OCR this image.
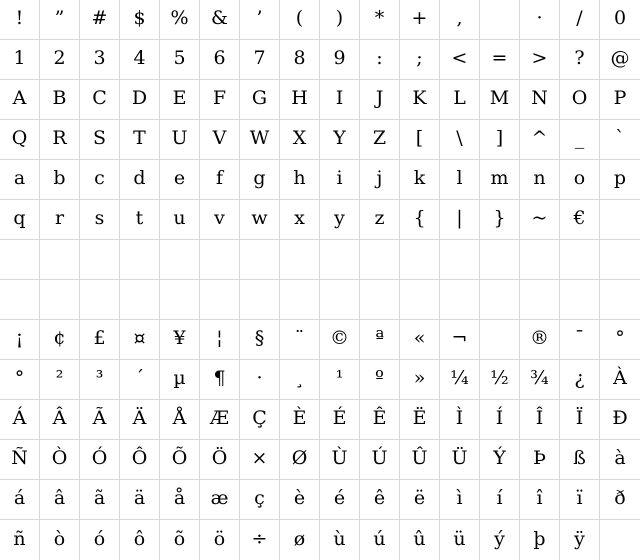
! ” # $ % & ’ ( ) * + ,	· / 0
1 2 3 4 5 6 7 8 9 : ; < = > ? @
A B C D E F G H I J K L M N O P
Q R S T U V W X Y Z [ \ ] ^ _ `
a b c d e f g h i j k l m n o p
q r s t u v w x y z { | } ~ €
¡ ¢ £ ¤ ¥ ¦ § ¨ © ª « ¬	® ¯ °
° ² ³ ´ µ ¶ · ¸ ¹ º » ¼ ½ ¾ ¿ À
Á Â Ã Ä Å Æ Ç È É Ê Ë Ì Í Î Ï Ð
Ñ Ò Ó Ô Õ Ö × Ø Ù Ú Û Ü Ý Þ ß à
á â ã ä å æ ç è é ê ë ì í î ï ð
ñ ò ó ô õ ö ÷ ø ù ú û ü ý þ ÿ
